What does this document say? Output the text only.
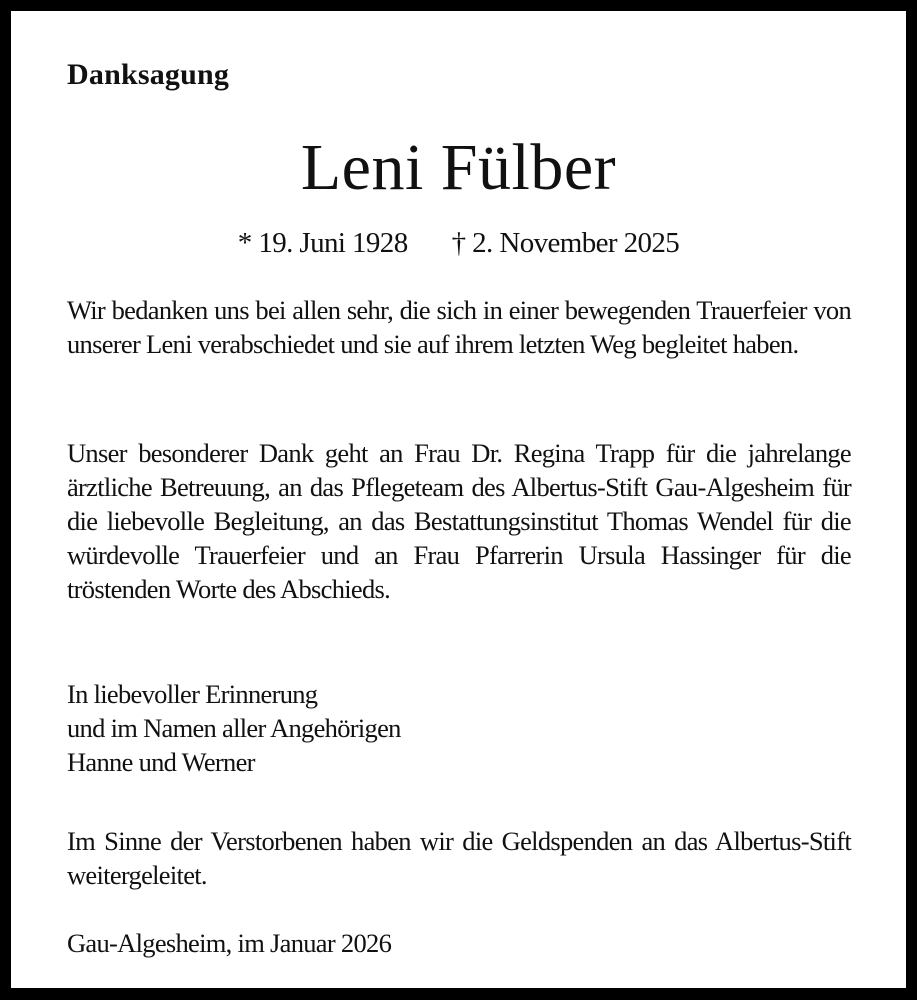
Danksagung
Leni Fülber
* 19. Juni 1928 † 2. November 2025
Wir bedanken uns bei allen sehr, die sich in einer bewegenden Trauerfeier von unserer Leni verabschiedet und sie auf ihrem letzten Weg begleitet haben.
Unser besonderer Dank geht an Frau Dr. Regina Trapp für die jahrelange ärztliche Betreuung, an das Pflegeteam des Albertus-Stift Gau-Algesheim für die liebevolle Begleitung, an das Bestattungsinstitut Thomas Wendel für die würdevolle Trauerfeier und an Frau Pfarrerin Ursula Hassinger für die tröstenden Worte des Abschieds.
In liebevoller Erinnerung
und im Namen aller Angehörigen
Hanne und Werner
Im Sinne der Verstorbenen haben wir die Geldspenden an das Albertus-Stift weitergeleitet.
Gau-Algesheim, im Januar 2026
